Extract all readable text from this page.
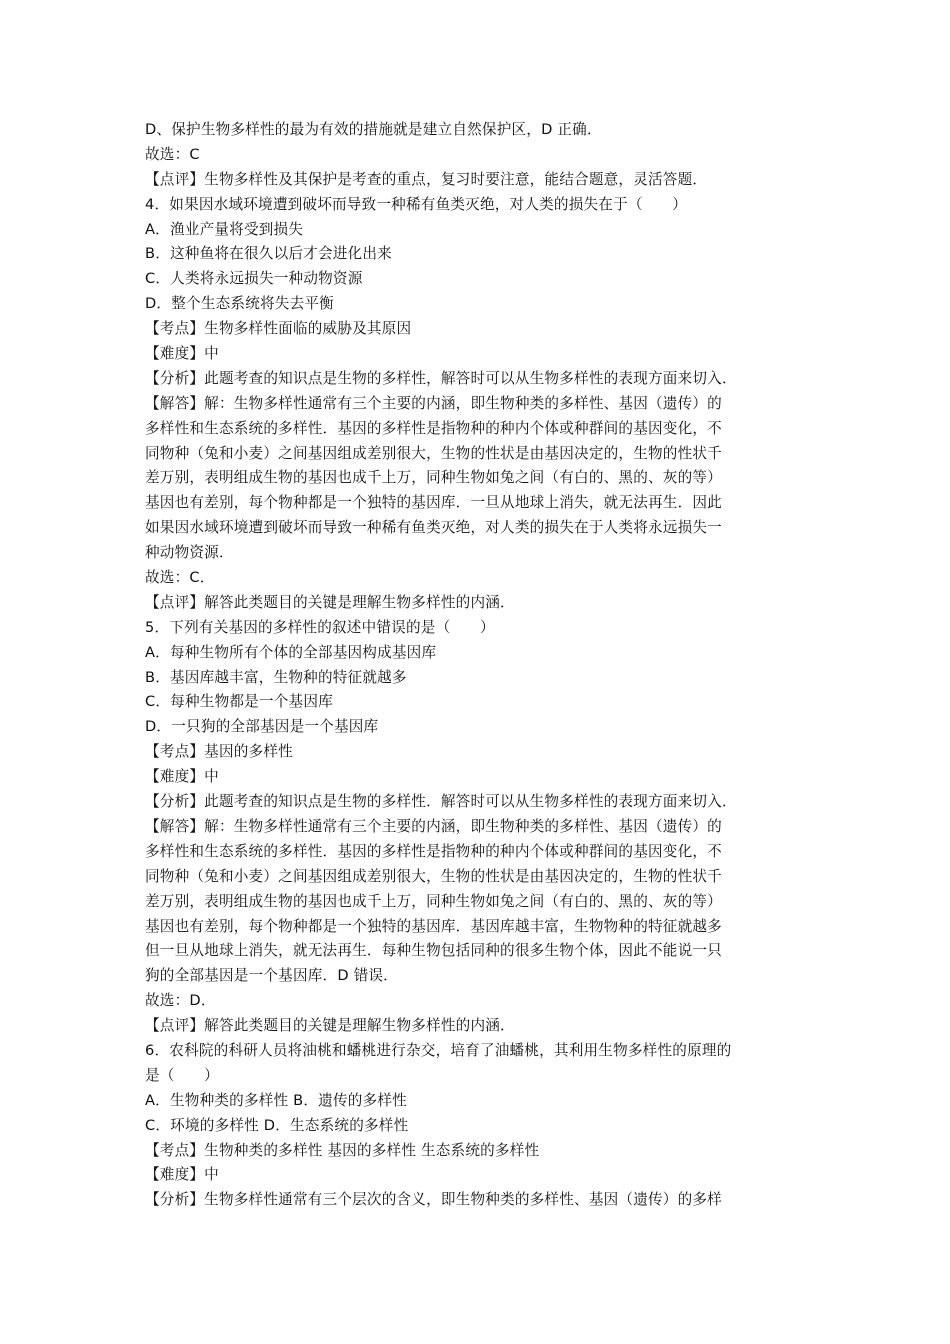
D、保护生物多样性的最为有效的措施就是建立自然保护区，D 正确．
故选：C
【点评】生物多样性及其保护是考查的重点，复习时要注意，能结合题意，灵活答题．
4．如果因水域环境遭到破坏而导致一种稀有鱼类灭绝，对人类的损失在于（　　）
A．渔业产量将受到损失
B．这种鱼将在很久以后才会进化出来
C．人类将永远损失一种动物资源
D．整个生态系统将失去平衡
【考点】生物多样性面临的威胁及其原因
【难度】中
【分析】此题考查的知识点是生物的多样性，解答时可以从生物多样性的表现方面来切入．
【解答】解：生物多样性通常有三个主要的内涵，即生物种类的多样性、基因（遗传）的
多样性和生态系统的多样性．基因的多样性是指物种的种内个体或种群间的基因变化，不
同物种（兔和小麦）之间基因组成差别很大，生物的性状是由基因决定的，生物的性状千
差万别，表明组成生物的基因也成千上万，同种生物如兔之间（有白的、黑的、灰的等）
基因也有差别，每个物种都是一个独特的基因库．一旦从地球上消失，就无法再生．因此
如果因水域环境遭到破坏而导致一种稀有鱼类灭绝，对人类的损失在于人类将永远损失一
种动物资源．
故选：C．
【点评】解答此类题目的关键是理解生物多样性的内涵．
5．下列有关基因的多样性的叙述中错误的是（　　）
A．每种生物所有个体的全部基因构成基因库
B．基因库越丰富，生物种的特征就越多
C．每种生物都是一个基因库
D．一只狗的全部基因是一个基因库
【考点】基因的多样性
【难度】中
【分析】此题考查的知识点是生物的多样性．解答时可以从生物多样性的表现方面来切入．
【解答】解：生物多样性通常有三个主要的内涵，即生物种类的多样性、基因（遗传）的
多样性和生态系统的多样性．基因的多样性是指物种的种内个体或种群间的基因变化，不
同物种（兔和小麦）之间基因组成差别很大，生物的性状是由基因决定的，生物的性状千
差万别，表明组成生物的基因也成千上万，同种生物如兔之间（有白的、黑的、灰的等）
基因也有差别，每个物种都是一个独特的基因库．基因库越丰富，生物物种的特征就越多
但一旦从地球上消失，就无法再生．每种生物包括同种的很多生物个体，因此不能说一只
狗的全部基因是一个基因库．D 错误．
故选：D．
【点评】解答此类题目的关键是理解生物多样性的内涵．
6．农科院的科研人员将油桃和蟠桃进行杂交，培育了油蟠桃，其利用生物多样性的原理的
是（　　）
A．生物种类的多样性 B．遗传的多样性
C．环境的多样性 D．生态系统的多样性
【考点】生物种类的多样性 基因的多样性 生态系统的多样性
【难度】中
【分析】生物多样性通常有三个层次的含义，即生物种类的多样性、基因（遗传）的多样
